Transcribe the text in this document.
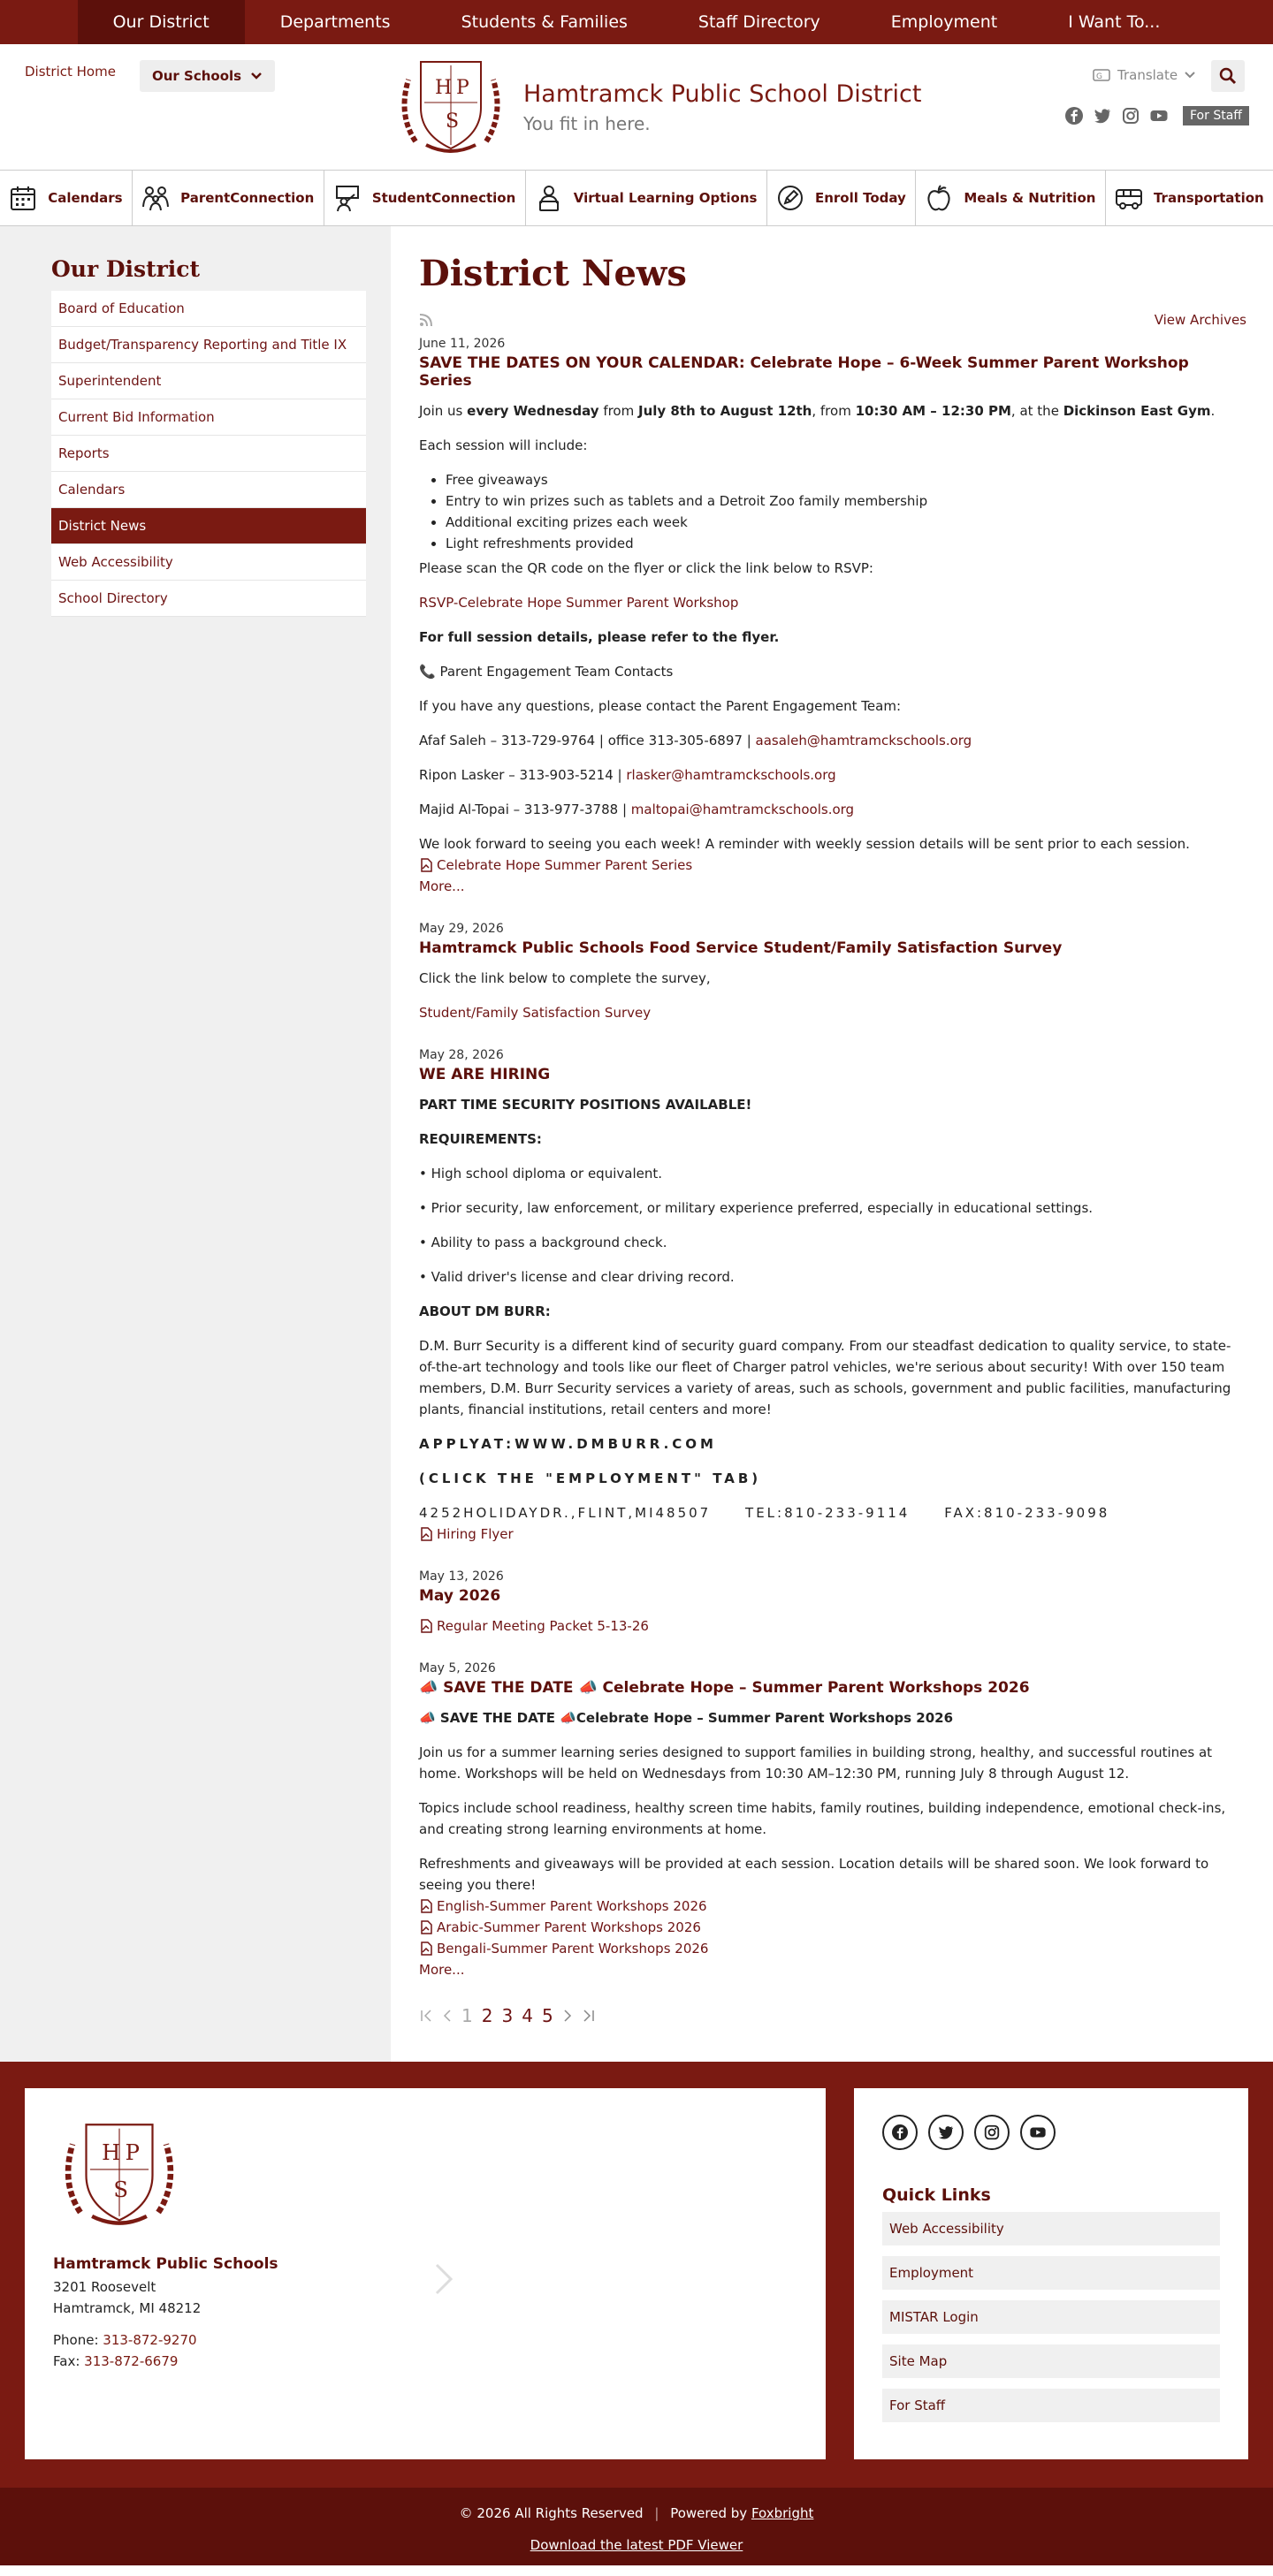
Our District	Departments	Students & Families	Staff Directory	Employment	I Want To...
District Home	Our Schools
H P
S
Hamtramck Public School District
You fit in here.
G Translate
For Staff
Calendars	ParentConnection	StudentConnection	Virtual Learning Options	Enroll Today	Meals & Nutrition	Transportation
Our District
Board of Education
Budget/Transparency Reporting and Title IX
Superintendent
Current Bid Information
Reports
Calendars
District News
Web Accessibility
School Directory
District News
View Archives
June 11, 2026
SAVE THE DATES ON YOUR CALENDAR: Celebrate Hope – 6-Week Summer Parent Workshop Series

Join us every Wednesday from July 8th to August 12th, from 10:30 AM – 12:30 PM, at the Dickinson East Gym.

Each session will include:

• Free giveaways
• Entry to win prizes such as tablets and a Detroit Zoo family membership
• Additional exciting prizes each week
• Light refreshments provided

Please scan the QR code on the flyer or click the link below to RSVP:

RSVP-Celebrate Hope Summer Parent Workshop

For full session details, please refer to the flyer.

📞 Parent Engagement Team Contacts

If you have any questions, please contact the Parent Engagement Team:

Afaf Saleh – 313-729-9764 | office 313-305-6897 | aasaleh@hamtramckschools.org

Ripon Lasker – 313-903-5214 | rlasker@hamtramckschools.org

Majid Al-Topai – 313-977-3788 | maltopai@hamtramckschools.org

We look forward to seeing you each week! A reminder with weekly session details will be sent prior to each session.

Celebrate Hope Summer Parent Series
More...
May 29, 2026
Hamtramck Public Schools Food Service Student/Family Satisfaction Survey

Click the link below to complete the survey,

Student/Family Satisfaction Survey

May 28, 2026
WE ARE HIRING

PART TIME SECURITY POSITIONS AVAILABLE!

REQUIREMENTS:

• High school diploma or equivalent.

• Prior security, law enforcement, or military experience preferred, especially in educational settings.

• Ability to pass a background check.

• Valid driver's license and clear driving record.

ABOUT DM BURR:

D.M. Burr Security is a different kind of security guard company. From our steadfast dedication to quality service, to state-of-the-art technology and tools like our fleet of Charger patrol vehicles, we're serious about security! With over 150 team members, D.M. Burr Security services a variety of areas, such as schools, government and public facilities, manufacturing plants, financial institutions, retail centers and more!

APPLYAT:WWW.DMBURR.COM

(CLICK THE "EMPLOYMENT" TAB)

4252HOLIDAYDR.,FLINT,MI48507     TEL:810-233-9114     FAX:810-233-9098

Hiring Flyer
May 13, 2026
May 2026
Regular Meeting Packet 5-13-26
May 5, 2026
📣 SAVE THE DATE 📣 Celebrate Hope – Summer Parent Workshops 2026

📣 SAVE THE DATE 📣Celebrate Hope – Summer Parent Workshops 2026

Join us for a summer learning series designed to support families in building strong, healthy, and successful routines at home. Workshops will be held on Wednesdays from 10:30 AM–12:30 PM, running July 8 through August 12.

Topics include school readiness, healthy screen time habits, family routines, building independence, emotional check-ins, and creating strong learning environments at home.

Refreshments and giveaways will be provided at each session. Location details will be shared soon. We look forward to seeing you there!

English-Summer Parent Workshops 2026
Arabic-Summer Parent Workshops 2026
Bengali-Summer Parent Workshops 2026
More...
1 2 3 4 5
H P
S
Hamtramck Public Schools
3201 Roosevelt
Hamtramck, MI 48212
Phone: 313-872-9270
Fax: 313-872-6679
Quick Links
Web Accessibility
Employment
MISTAR Login
Site Map
For Staff
© 2026 All Rights Reserved | Powered by Foxbright
Download the latest PDF Viewer
